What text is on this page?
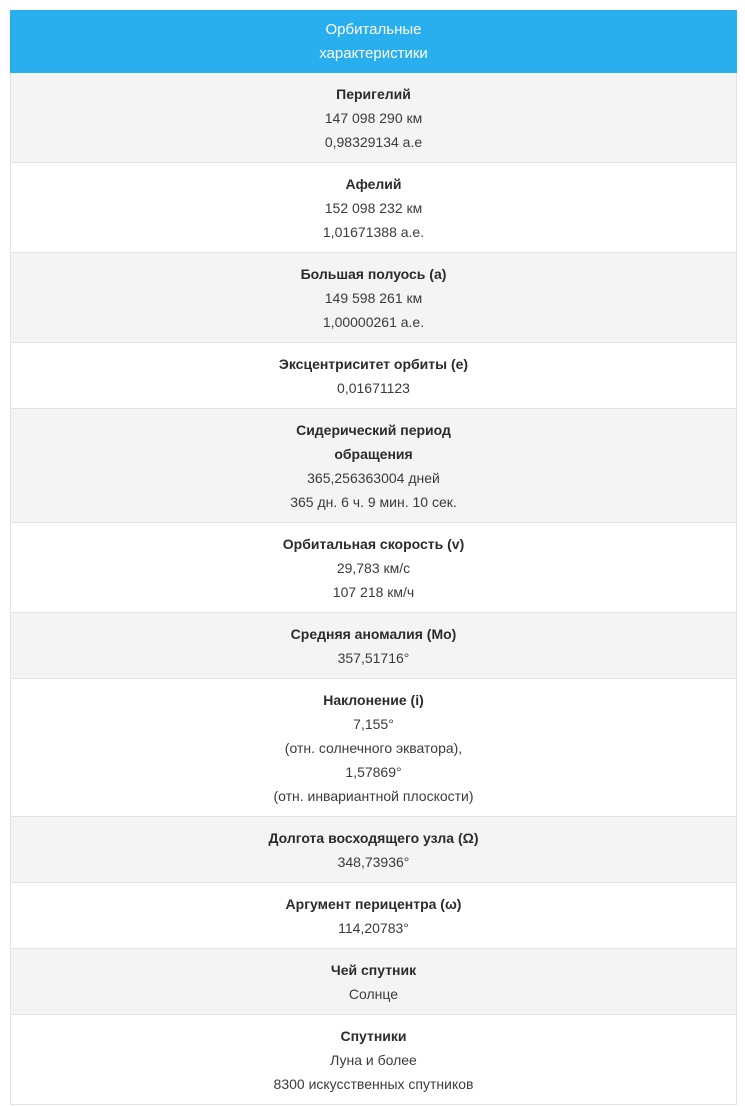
Орбитальные
характеристики
Перигелий
147 098 290 км
0,98329134 а.е
Афелий
152 098 232 км
1,01671388 а.е.
Большая полуось (a)
149 598 261 км
1,00000261 а.е.
Эксцентриситет орбиты (e)
0,01671123
Сидерический период
обращения
365,256363004 дней
365 дн. 6 ч. 9 мин. 10 сек.
Орбитальная скорость (v)
29,783 км/с
107 218 км/ч
Средняя аномалия (Mo)
357,51716°
Наклонение (i)
7,155°
(отн. солнечного экватора),
1,57869°
(отн. инвариантной плоскости)
Долгота восходящего узла (Ω)
348,73936°
Аргумент перицентра (ω)
114,20783°
Чей спутник
Солнце
Спутники
Луна и более
8300 искусственных спутников
